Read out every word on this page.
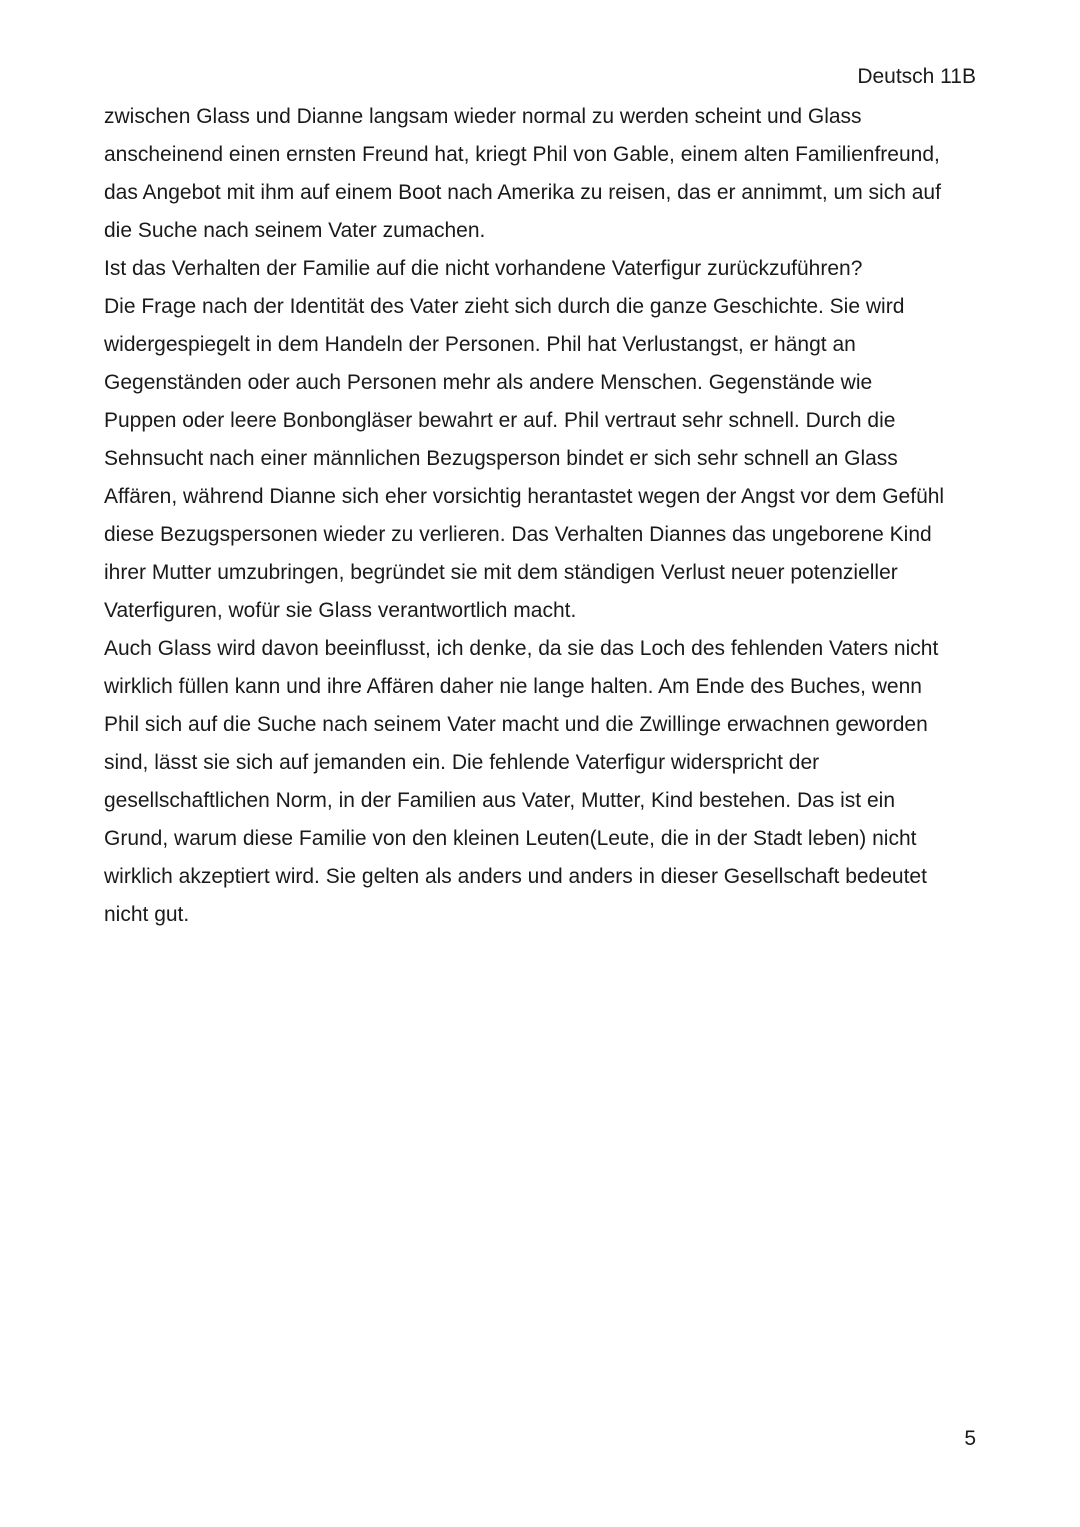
Deutsch 11B
zwischen Glass und Dianne langsam wieder normal zu werden scheint und Glass
anscheinend einen ernsten Freund hat, kriegt Phil von Gable, einem alten Familienfreund,
das Angebot mit ihm auf einem Boot nach Amerika zu reisen, das er annimmt, um sich auf
die Suche nach seinem Vater zumachen.
Ist das Verhalten der Familie auf die nicht vorhandene Vaterfigur zurückzuführen?
Die Frage nach der Identität des Vater zieht sich durch die ganze Geschichte. Sie wird
widergespiegelt in dem Handeln der Personen. Phil hat Verlustangst, er hängt an
Gegenständen oder auch Personen mehr als andere Menschen. Gegenstände wie
Puppen oder leere Bonbongläser bewahrt er auf. Phil vertraut sehr schnell. Durch die
Sehnsucht nach einer männlichen Bezugsperson bindet er sich sehr schnell an Glass
Affären, während Dianne sich eher vorsichtig herantastet wegen der Angst vor dem Gefühl
diese Bezugspersonen wieder zu verlieren. Das Verhalten Diannes das ungeborene Kind
ihrer Mutter umzubringen, begründet sie mit dem ständigen Verlust neuer potenzieller
Vaterfiguren, wofür sie Glass verantwortlich macht.
Auch Glass wird davon beeinflusst, ich denke, da sie das Loch des fehlenden Vaters nicht
wirklich füllen kann und ihre Affären daher nie lange halten. Am Ende des Buches, wenn
Phil sich auf die Suche nach seinem Vater macht und die Zwillinge erwachnen geworden
sind, lässt sie sich auf jemanden ein. Die fehlende Vaterfigur widerspricht der
gesellschaftlichen Norm, in der Familien aus Vater, Mutter, Kind bestehen. Das ist ein
Grund, warum diese Familie von den kleinen Leuten(Leute, die in der Stadt leben) nicht
wirklich akzeptiert wird. Sie gelten als anders und anders in dieser Gesellschaft bedeutet
nicht gut.
5
